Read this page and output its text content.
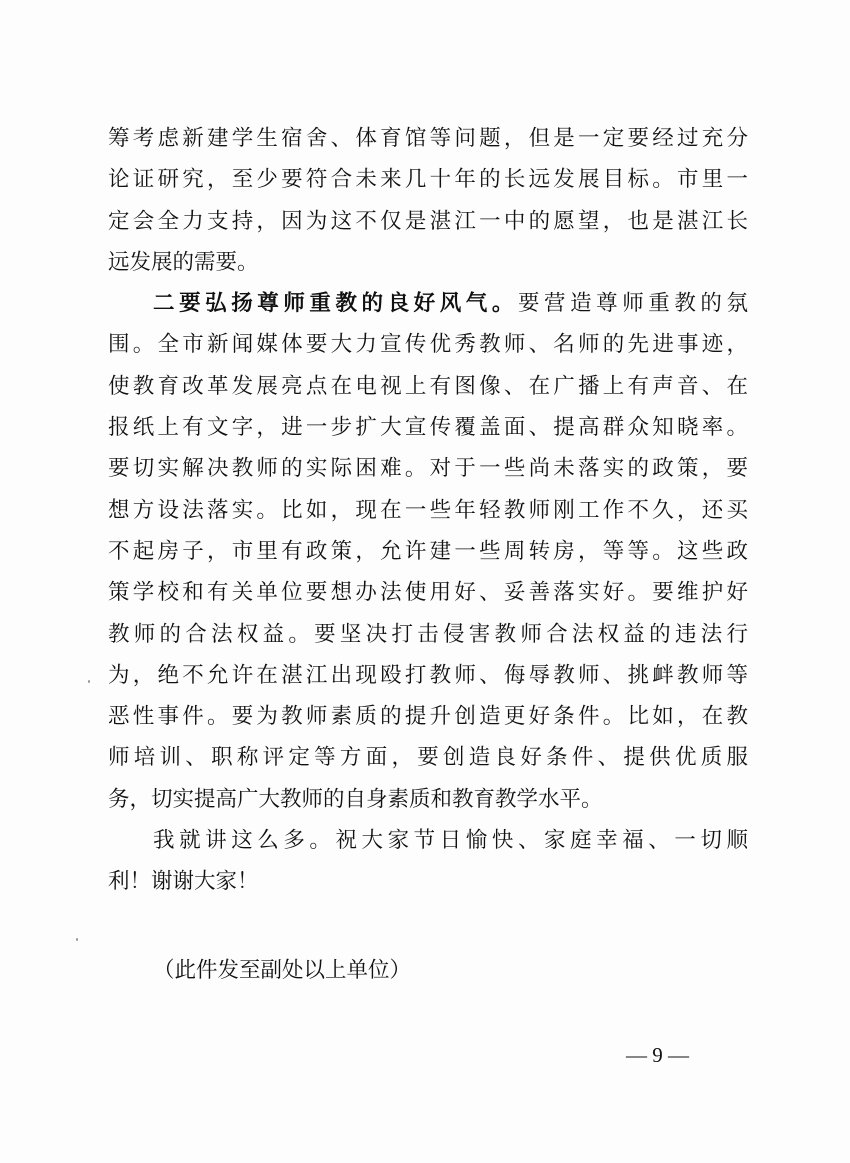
筹考虑新建学生宿舍、体育馆等问题，但是一定要经过充分
论证研究，至少要符合未来几十年的长远发展目标。市里一
定会全力支持，因为这不仅是湛江一中的愿望，也是湛江长
远发展的需要。
二要弘扬尊师重教的良好风气。要营造尊师重教的氛
围。全市新闻媒体要大力宣传优秀教师、名师的先进事迹，
使教育改革发展亮点在电视上有图像、在广播上有声音、在
报纸上有文字，进一步扩大宣传覆盖面、提高群众知晓率。
要切实解决教师的实际困难。对于一些尚未落实的政策，要
想方设法落实。比如，现在一些年轻教师刚工作不久，还买
不起房子，市里有政策，允许建一些周转房，等等。这些政
策学校和有关单位要想办法使用好、妥善落实好。要维护好
教师的合法权益。要坚决打击侵害教师合法权益的违法行
为，绝不允许在湛江出现殴打教师、侮辱教师、挑衅教师等
恶性事件。要为教师素质的提升创造更好条件。比如，在教
师培训、职称评定等方面，要创造良好条件、提供优质服
务，切实提高广大教师的自身素质和教育教学水平。
我就讲这么多。祝大家节日愉快、家庭幸福、一切顺
利！谢谢大家！
（此件发至副处以上单位）
— 9 —
